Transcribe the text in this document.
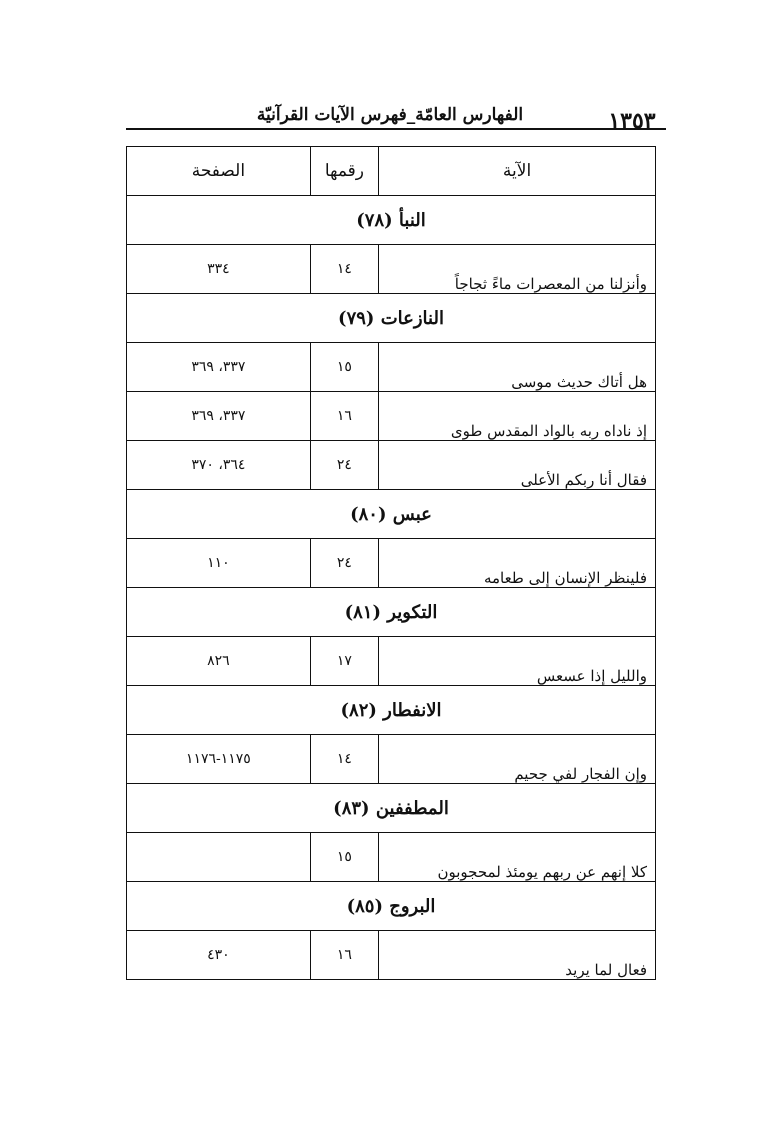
١٣٥٣
الفهارس العامّة_فهرس الآيات القرآنيّة
الآية	رقمها	الصفحة
النبأ (٧٨)		
وأنزلنا من المعصرات ماءً ثجاجاً	١٤	٣٣٤
النازعات (٧٩)		
هل أتاك حديث موسى	١٥	٣٣٧، ٣٦٩
إذ ناداه ربه بالواد المقدس طوى	١٦	٣٣٧، ٣٦٩
فقال أنا ربكم الأعلى	٢٤	٣٦٤، ٣٧٠
عبس (٨٠)		
فلينظر الإنسان إلى طعامه	٢٤	١١٠
التكوير (٨١)		
والليل إذا عسعس	١٧	٨٢٦
الانفطار (٨٢)		
وإن الفجار لفي جحيم	١٤	١١٧٥-١١٧٦
المطففين (٨٣)		
كلا إنهم عن ربهم يومئذ لمحجوبون	١٥	
البروج (٨٥)		
فعال لما يريد	١٦	٤٣٠
